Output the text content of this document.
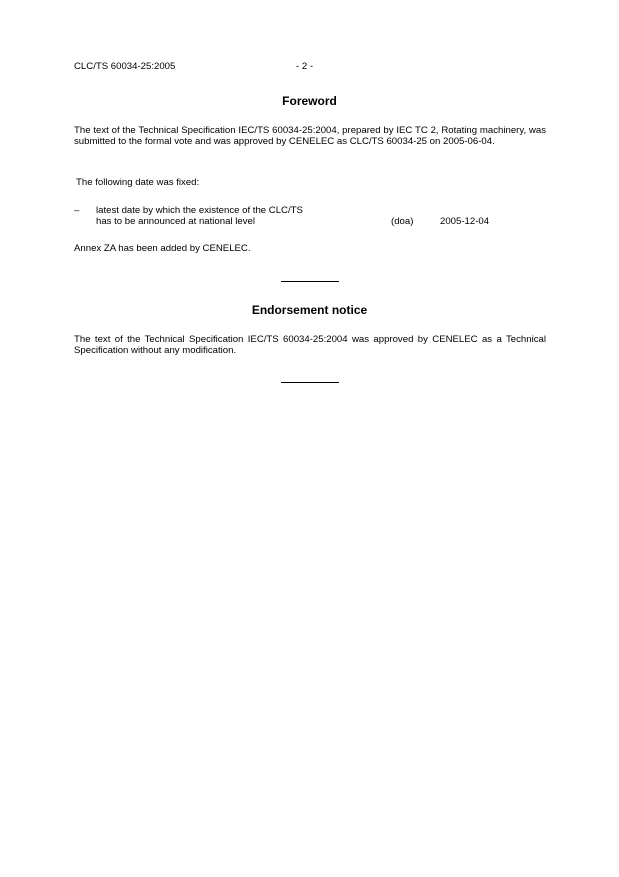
CLC/TS 60034-25:2005	- 2 -
Foreword
The text of the Technical Specification IEC/TS 60034-25:2004, prepared by IEC TC 2, Rotating machinery, was submitted to the formal vote and was approved by CENELEC as CLC/TS 60034-25 on 2005-06-04.
The following date was fixed:
– latest date by which the existence of the CLC/TS
has to be announced at national level	(doa)	2005-12-04
Annex ZA has been added by CENELEC.
Endorsement notice
The text of the Technical Specification IEC/TS 60034-25:2004 was approved by CENELEC as a Technical Specification without any modification.
